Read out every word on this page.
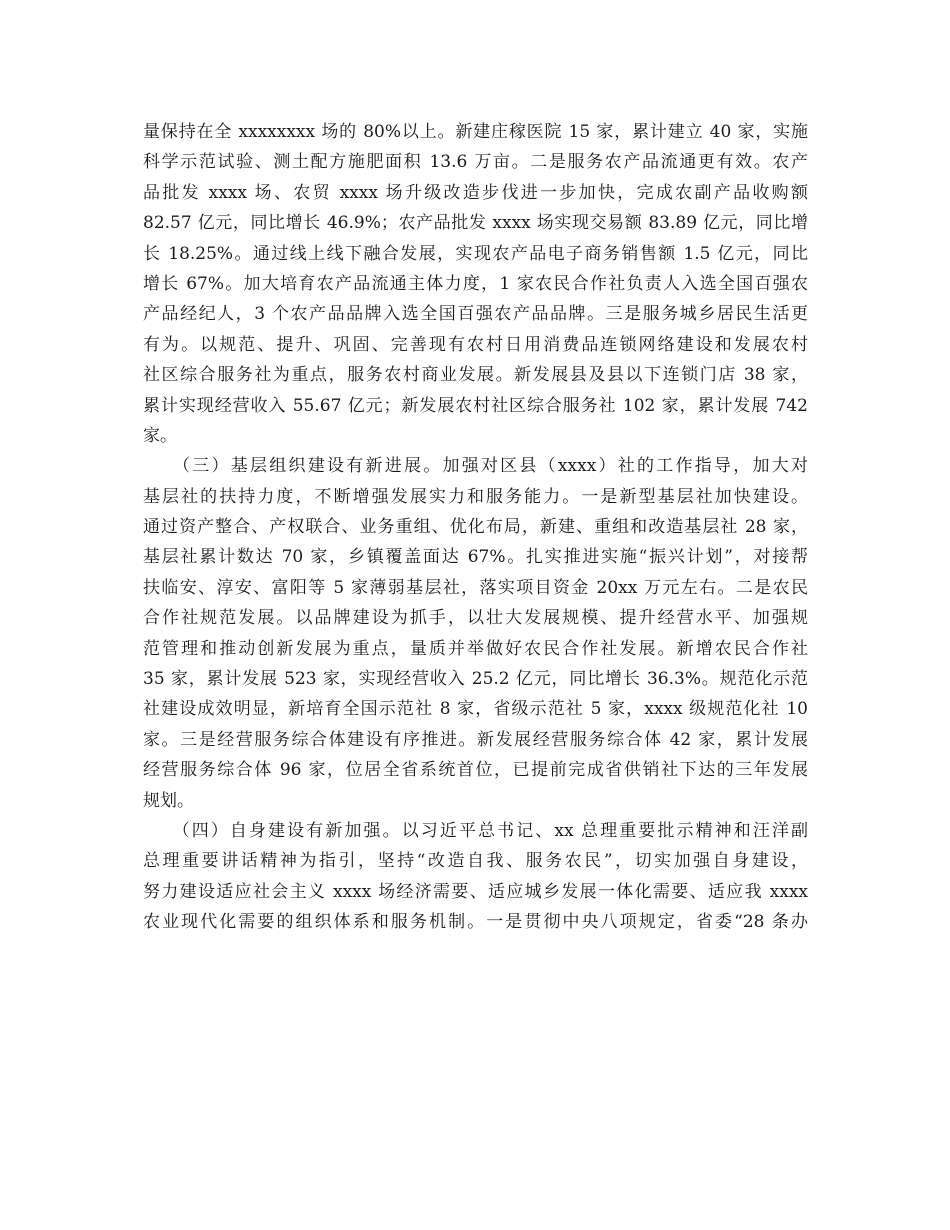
量保持在全 xxxxxxxx 场的 80%以上。新建庄稼医院 15 家，累计建立 40 家，实施
科学示范试验、测土配方施肥面积 13.6 万亩。二是服务农产品流通更有效。农产
品批发 xxxx 场、农贸 xxxx 场升级改造步伐进一步加快，完成农副产品收购额
82.57 亿元，同比增长 46.9%；农产品批发 xxxx 场实现交易额 83.89 亿元，同比增
长 18.25%。通过线上线下融合发展，实现农产品电子商务销售额 1.5 亿元，同比
增长 67%。加大培育农产品流通主体力度，1 家农民合作社负责人入选全国百强农
产品经纪人，3 个农产品品牌入选全国百强农产品品牌。三是服务城乡居民生活更
有为。以规范、提升、巩固、完善现有农村日用消费品连锁网络建设和发展农村
社区综合服务社为重点，服务农村商业发展。新发展县及县以下连锁门店 38 家，
累计实现经营收入 55.67 亿元；新发展农村社区综合服务社 102 家，累计发展 742
家。
　　（三）基层组织建设有新进展。加强对区县（xxxx）社的工作指导，加大对
基层社的扶持力度，不断增强发展实力和服务能力。一是新型基层社加快建设。
通过资产整合、产权联合、业务重组、优化布局，新建、重组和改造基层社 28 家，
基层社累计数达 70 家，乡镇覆盖面达 67%。扎实推进实施“振兴计划”，对接帮
扶临安、淳安、富阳等 5 家薄弱基层社，落实项目资金 20xx 万元左右。二是农民
合作社规范发展。以品牌建设为抓手，以壮大发展规模、提升经营水平、加强规
范管理和推动创新发展为重点，量质并举做好农民合作社发展。新增农民合作社
35 家，累计发展 523 家，实现经营收入 25.2 亿元，同比增长 36.3%。规范化示范
社建设成效明显，新培育全国示范社 8 家，省级示范社 5 家，xxxx 级规范化社 10
家。三是经营服务综合体建设有序推进。新发展经营服务综合体 42 家，累计发展
经营服务综合体 96 家，位居全省系统首位，已提前完成省供销社下达的三年发展
规划。
　　（四）自身建设有新加强。以习近平总书记、xx 总理重要批示精神和汪洋副
总理重要讲话精神为指引，坚持“改造自我、服务农民”，切实加强自身建设，
努力建设适应社会主义 xxxx 场经济需要、适应城乡发展一体化需要、适应我 xxxx
农业现代化需要的组织体系和服务机制。一是贯彻中央八项规定，省委“28 条办
